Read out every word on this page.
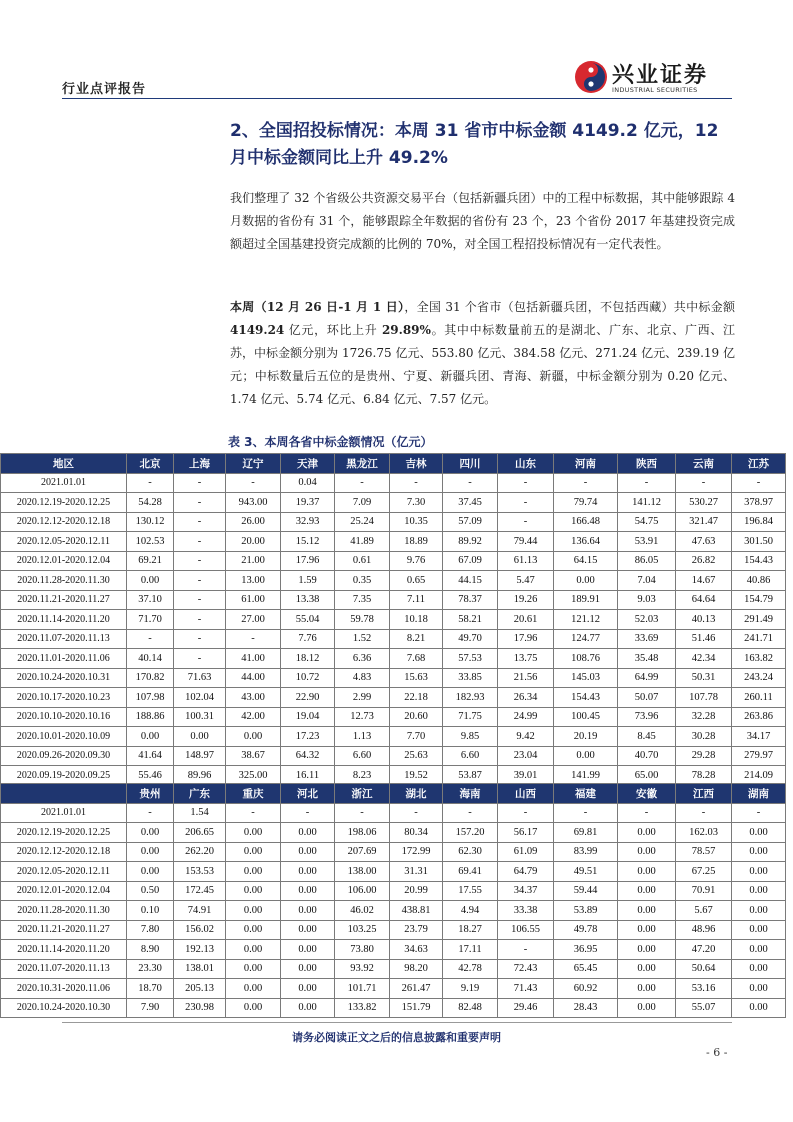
行业点评报告
兴业证券
INDUSTRIAL SECURITIES
2、全国招投标情况：本周 31 省市中标金额 4149.2 亿元，12 月中标金额同比上升 49.2%
我们整理了 32 个省级公共资源交易平台（包括新疆兵团）中的工程中标数据，其中能够跟踪 4 月数据的省份有 31 个，能够跟踪全年数据的省份有 23 个，23 个省份 2017 年基建投资完成额超过全国基建投资完成额的比例的 70%，对全国工程招投标情况有一定代表性。
本周（12 月 26 日-1 月 1 日），全国 31 个省市（包括新疆兵团，不包括西藏）共中标金额 4149.24 亿元，环比上升 29.89%。其中中标数量前五的是湖北、广东、北京、广西、江苏，中标金额分别为 1726.75 亿元、553.80 亿元、384.58 亿元、271.24 亿元、239.19 亿元；中标数量后五位的是贵州、宁夏、新疆兵团、青海、新疆，中标金额分别为 0.20 亿元、1.74 亿元、5.74 亿元、6.84 亿元、7.57 亿元。
表 3、本周各省中标金额情况（亿元）
地区	北京	上海	辽宁	天津	黑龙江	吉林	四川	山东	河南	陕西	云南	江苏
2021.01.01	-	-	-	0.04	-	-	-	-	-	-	-	-
2020.12.19-2020.12.25	54.28	-	943.00	19.37	7.09	7.30	37.45	-	79.74	141.12	530.27	378.97
2020.12.12-2020.12.18	130.12	-	26.00	32.93	25.24	10.35	57.09	-	166.48	54.75	321.47	196.84
2020.12.05-2020.12.11	102.53	-	20.00	15.12	41.89	18.89	89.92	79.44	136.64	53.91	47.63	301.50
2020.12.01-2020.12.04	69.21	-	21.00	17.96	0.61	9.76	67.09	61.13	64.15	86.05	26.82	154.43
2020.11.28-2020.11.30	0.00	-	13.00	1.59	0.35	0.65	44.15	5.47	0.00	7.04	14.67	40.86
2020.11.21-2020.11.27	37.10	-	61.00	13.38	7.35	7.11	78.37	19.26	189.91	9.03	64.64	154.79
2020.11.14-2020.11.20	71.70	-	27.00	55.04	59.78	10.18	58.21	20.61	121.12	52.03	40.13	291.49
2020.11.07-2020.11.13	-	-	-	7.76	1.52	8.21	49.70	17.96	124.77	33.69	51.46	241.71
2020.11.01-2020.11.06	40.14	-	41.00	18.12	6.36	7.68	57.53	13.75	108.76	35.48	42.34	163.82
2020.10.24-2020.10.31	170.82	71.63	44.00	10.72	4.83	15.63	33.85	21.56	145.03	64.99	50.31	243.24
2020.10.17-2020.10.23	107.98	102.04	43.00	22.90	2.99	22.18	182.93	26.34	154.43	50.07	107.78	260.11
2020.10.10-2020.10.16	188.86	100.31	42.00	19.04	12.73	20.60	71.75	24.99	100.45	73.96	32.28	263.86
2020.10.01-2020.10.09	0.00	0.00	0.00	17.23	1.13	7.70	9.85	9.42	20.19	8.45	30.28	34.17
2020.09.26-2020.09.30	41.64	148.97	38.67	64.32	6.60	25.63	6.60	23.04	0.00	40.70	29.28	279.97
2020.09.19-2020.09.25	55.46	89.96	325.00	16.11	8.23	19.52	53.87	39.01	141.99	65.00	78.28	214.09
	贵州	广东	重庆	河北	浙江	湖北	海南	山西	福建	安徽	江西	湖南
2021.01.01	-	1.54	-	-	-	-	-	-	-	-	-	-
2020.12.19-2020.12.25	0.00	206.65	0.00	0.00	198.06	80.34	157.20	56.17	69.81	0.00	162.03	0.00
2020.12.12-2020.12.18	0.00	262.20	0.00	0.00	207.69	172.99	62.30	61.09	83.99	0.00	78.57	0.00
2020.12.05-2020.12.11	0.00	153.53	0.00	0.00	138.00	31.31	69.41	64.79	49.51	0.00	67.25	0.00
2020.12.01-2020.12.04	0.50	172.45	0.00	0.00	106.00	20.99	17.55	34.37	59.44	0.00	70.91	0.00
2020.11.28-2020.11.30	0.10	74.91	0.00	0.00	46.02	438.81	4.94	33.38	53.89	0.00	5.67	0.00
2020.11.21-2020.11.27	7.80	156.02	0.00	0.00	103.25	23.79	18.27	106.55	49.78	0.00	48.96	0.00
2020.11.14-2020.11.20	8.90	192.13	0.00	0.00	73.80	34.63	17.11	-	36.95	0.00	47.20	0.00
2020.11.07-2020.11.13	23.30	138.01	0.00	0.00	93.92	98.20	42.78	72.43	65.45	0.00	50.64	0.00
2020.10.31-2020.11.06	18.70	205.13	0.00	0.00	101.71	261.47	9.19	71.43	60.92	0.00	53.16	0.00
2020.10.24-2020.10.30	7.90	230.98	0.00	0.00	133.82	151.79	82.48	29.46	28.43	0.00	55.07	0.00
请务必阅读正文之后的信息披露和重要声明
- 6 -
